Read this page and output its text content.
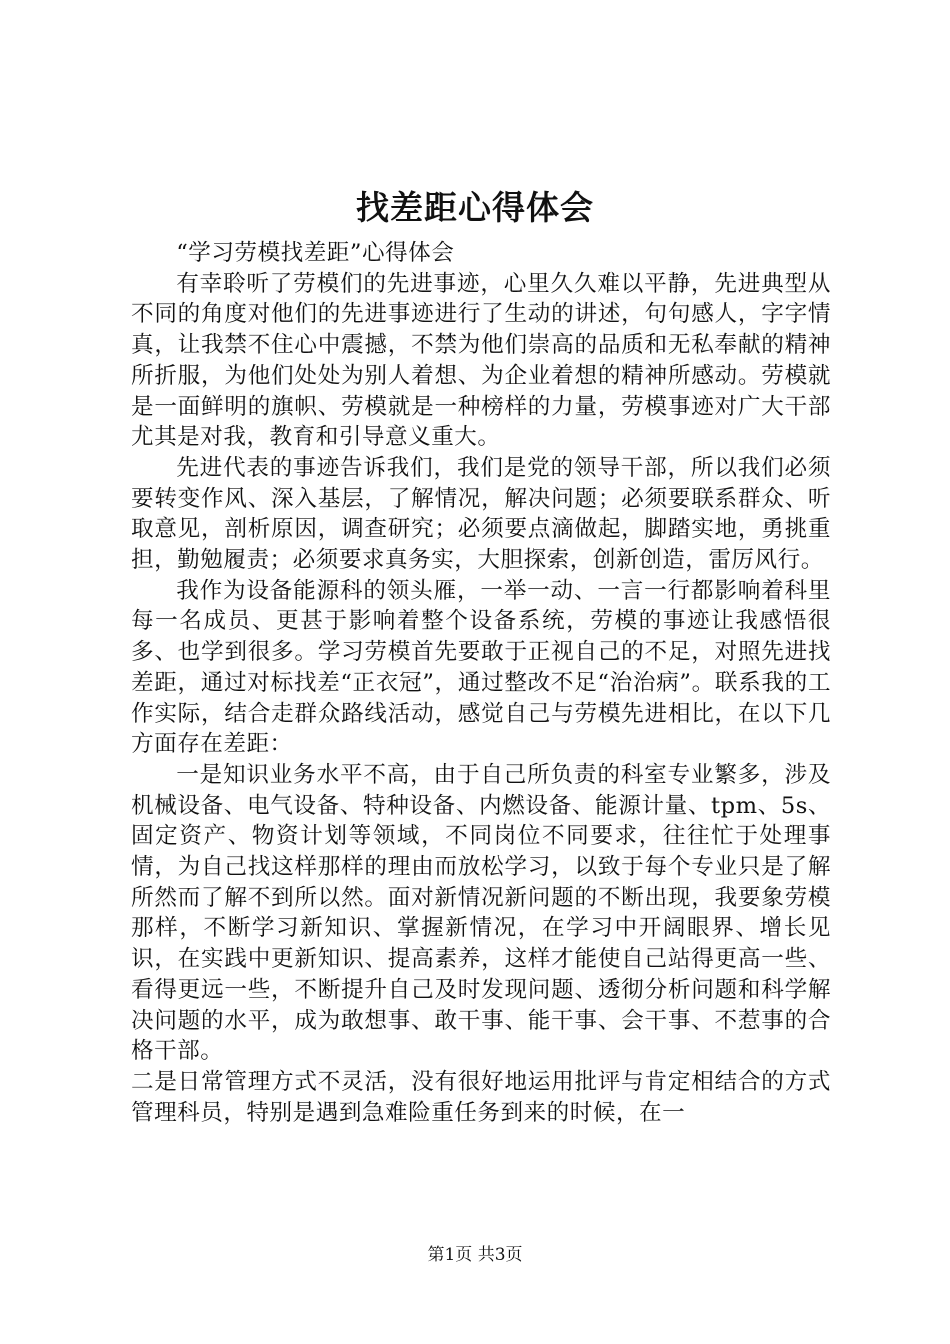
找差距心得体会

“学习劳模找差距”心得体会

有幸聆听了劳模们的先进事迹，心里久久难以平静，先进典型从不同的角度对他们的先进事迹进行了生动的讲述，句句感人，字字情真，让我禁不住心中震撼，不禁为他们崇高的品质和无私奉献的精神所折服，为他们处处为别人着想、为企业着想的精神所感动。劳模就是一面鲜明的旗帜、劳模就是一种榜样的力量，劳模事迹对广大干部尤其是对我，教育和引导意义重大。

先进代表的事迹告诉我们，我们是党的领导干部，所以我们必须要转变作风、深入基层，了解情况，解决问题；必须要联系群众、听取意见，剖析原因，调查研究；必须要点滴做起，脚踏实地，勇挑重担，勤勉履责；必须要求真务实，大胆探索，创新创造，雷厉风行。

我作为设备能源科的领头雁，一举一动、一言一行都影响着科里每一名成员、更甚于影响着整个设备系统，劳模的事迹让我感悟很多、也学到很多。学习劳模首先要敢于正视自己的不足，对照先进找差距，通过对标找差“正衣冠”，通过整改不足“治治病”。联系我的工作实际，结合走群众路线活动，感觉自己与劳模先进相比，在以下几方面存在差距：

一是知识业务水平不高，由于自己所负责的科室专业繁多，涉及机械设备、电气设备、特种设备、内燃设备、能源计量、tpm、5s、固定资产、物资计划等领域，不同岗位不同要求，往往忙于处理事情，为自己找这样那样的理由而放松学习，以致于每个专业只是了解所然而了解不到所以然。面对新情况新问题的不断出现，我要象劳模那样，不断学习新知识、掌握新情况，在学习中开阔眼界、增长见识，在实践中更新知识、提高素养，这样才能使自己站得更高一些、看得更远一些，不断提升自己及时发现问题、透彻分析问题和科学解决问题的水平，成为敢想事、敢干事、能干事、会干事、不惹事的合格干部。

二是日常管理方式不灵活，没有很好地运用批评与肯定相结合的方式管理科员，特别是遇到急难险重任务到来的时候，在一

第1页 共3页
